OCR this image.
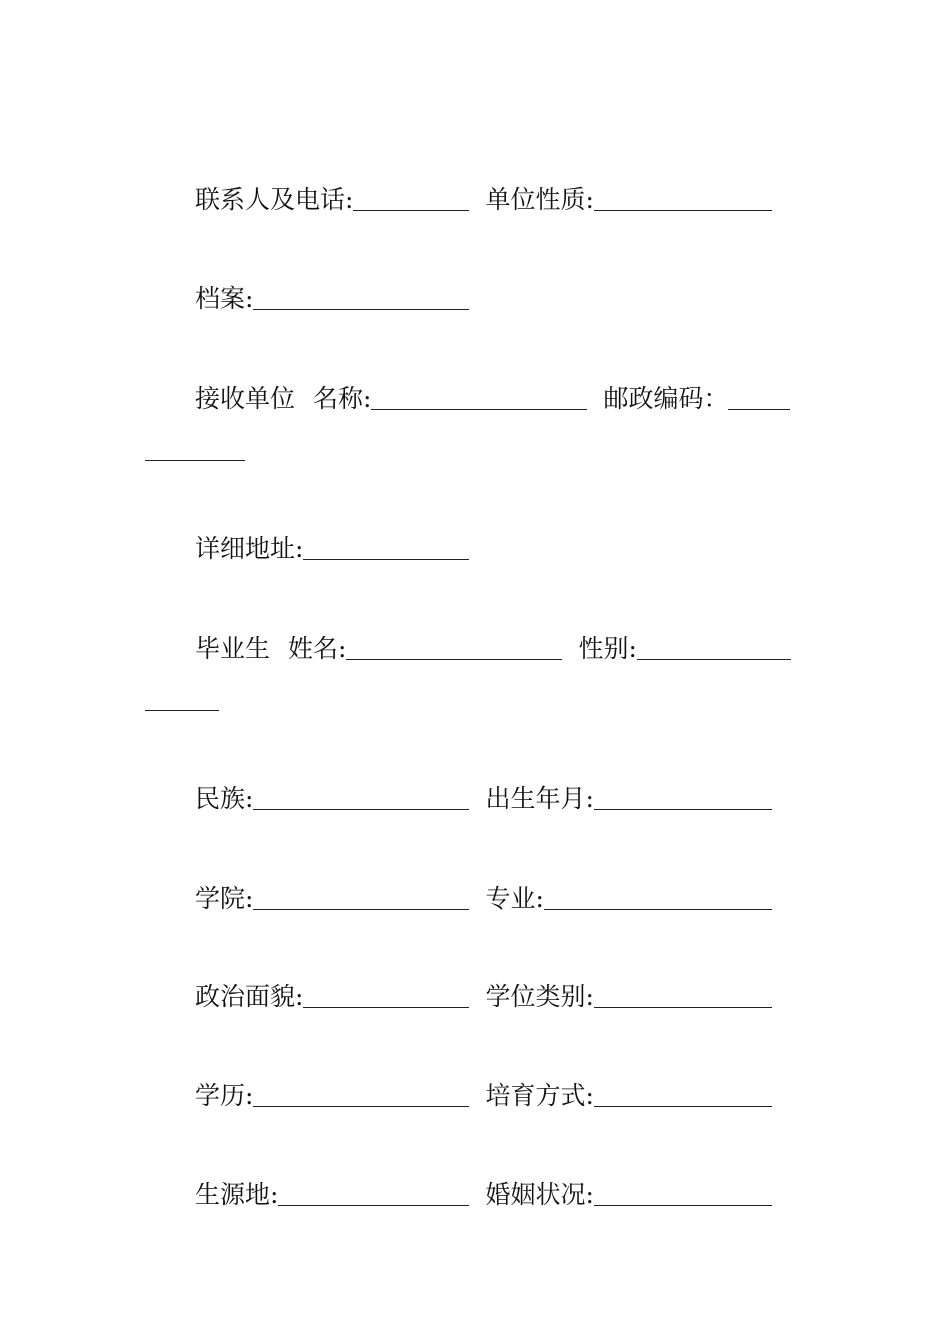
联系人及电话:	单位性质:
档案:
接收单位 名称:	邮政编码：
详细地址:
毕业生 姓名:	性别:
民族:	出生年月:
学院:	专业:
政治面貌:	学位类别:
学历:	培育方式:
生源地:	婚姻状况:
